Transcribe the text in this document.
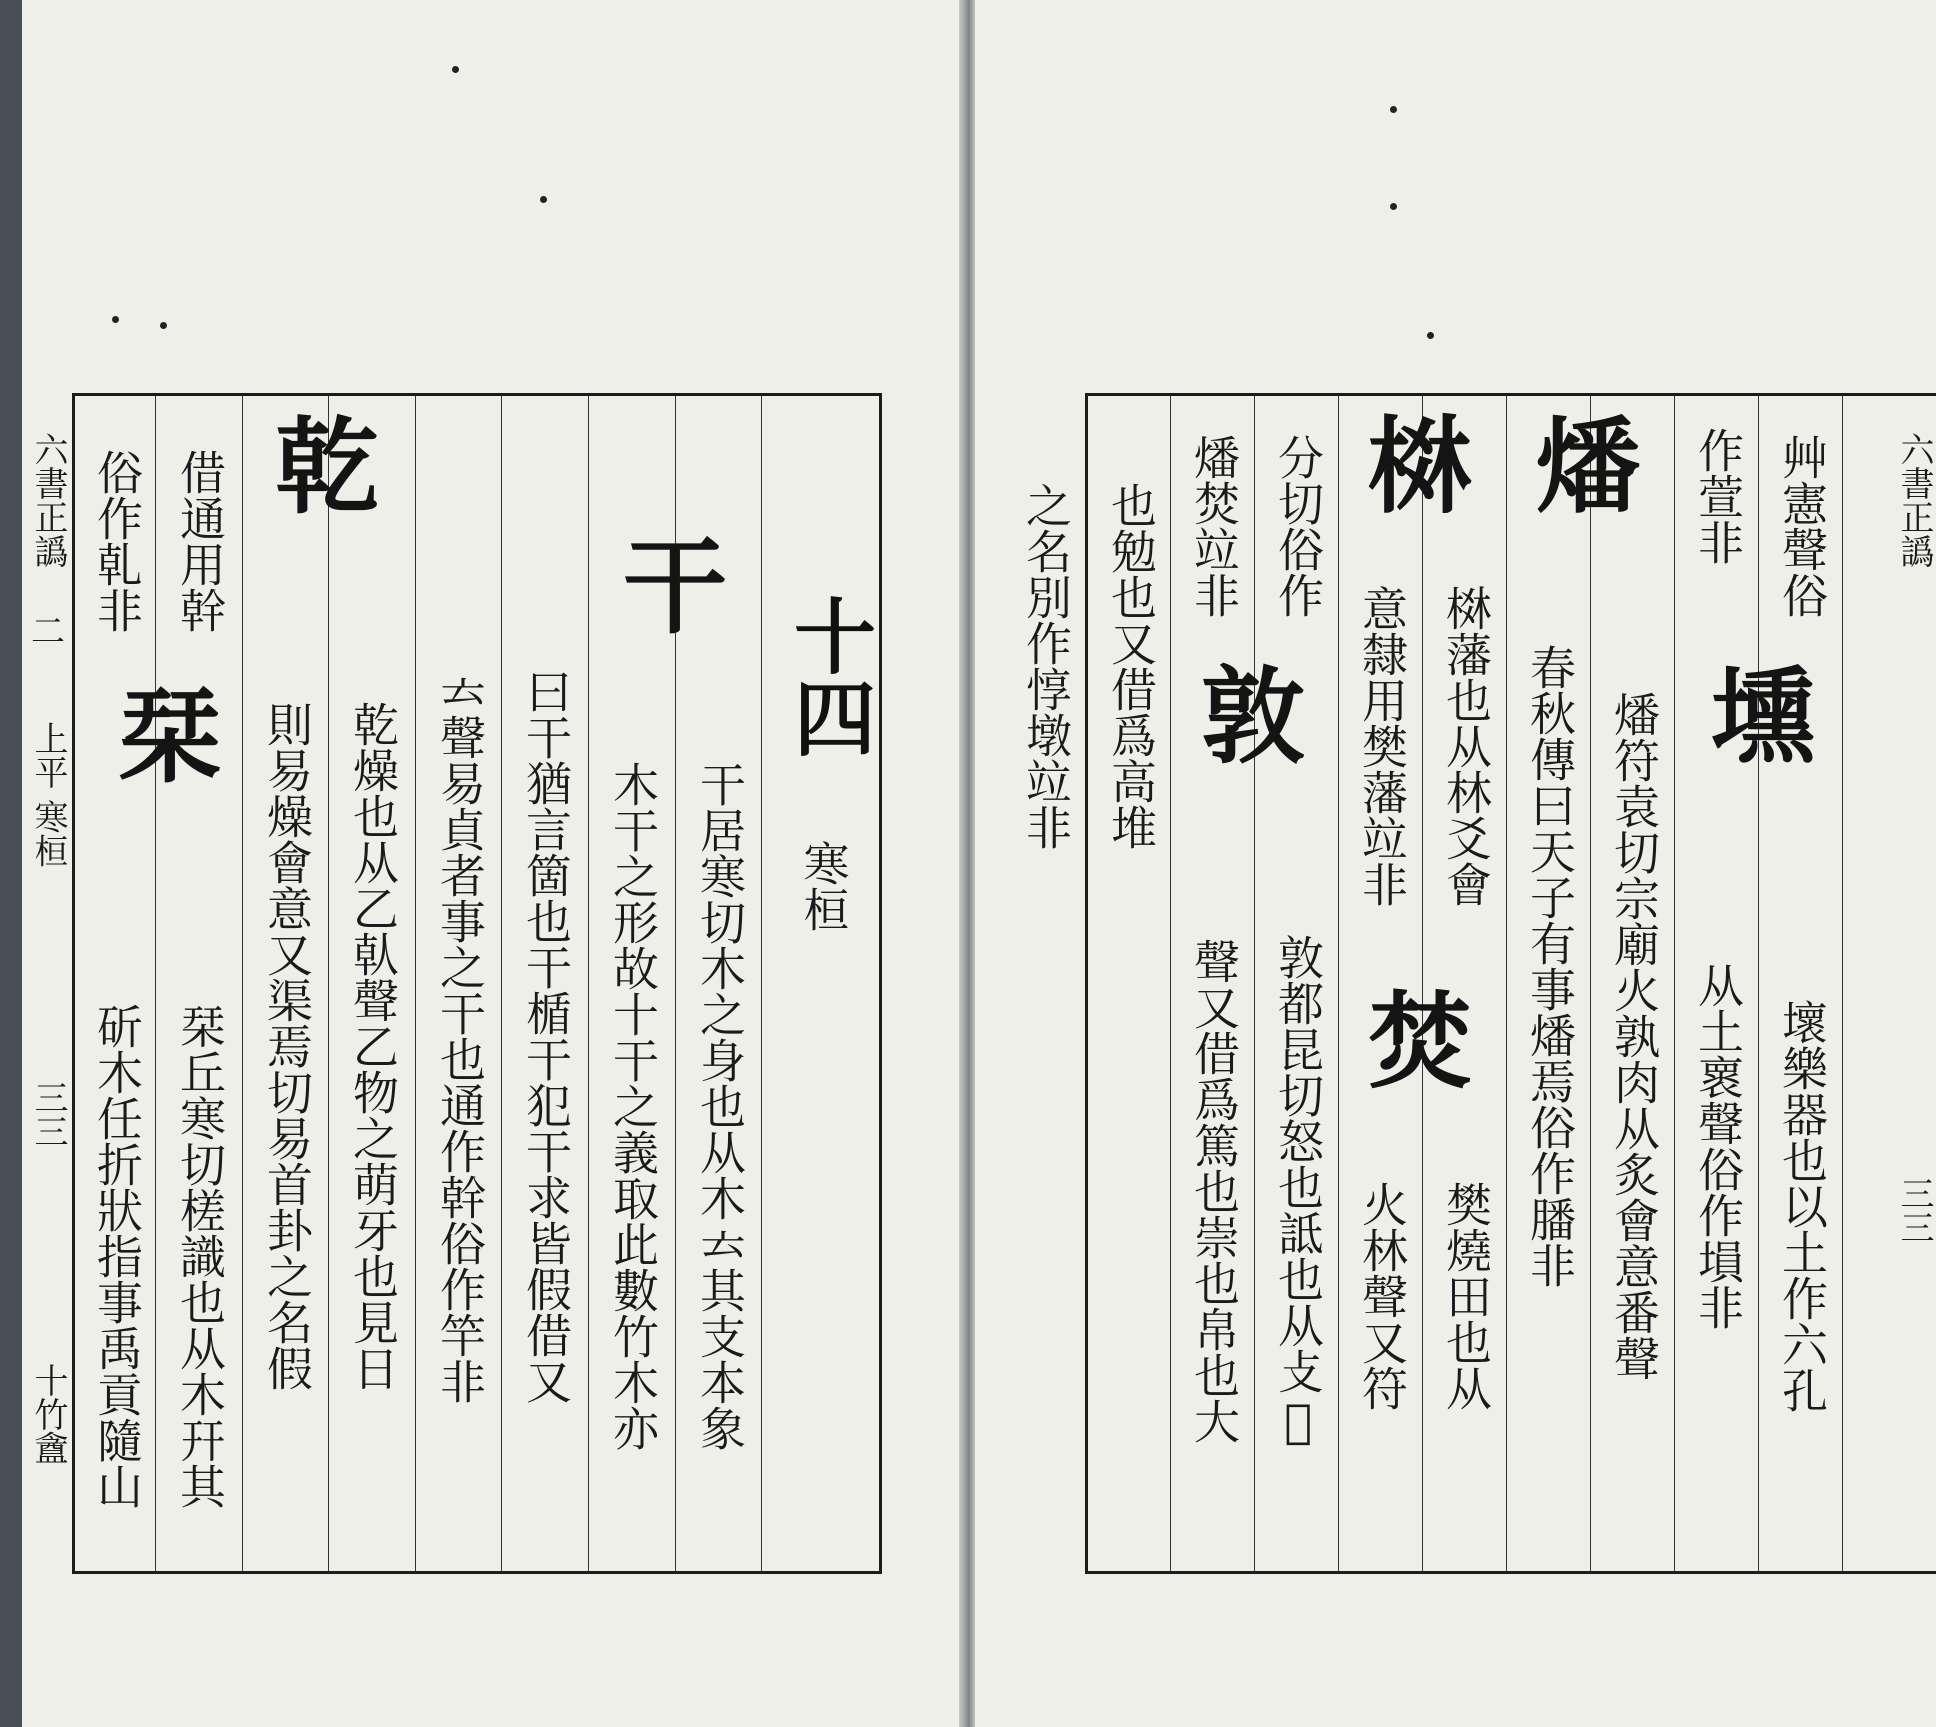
六書正譌
二
上平 寒桓
三三
十竹盦
十四
寒桓
干
干居寒切木之身也从木𠫓其支本象
木干之形故十干之義取此數竹木亦
曰干猶言箇也干楯干犯干求皆假借又
𠫓聲易貞者事之干也通作幹俗作竿非
乾
乾燥也从乙倝聲乙物之萌牙也見日
則易燥會意又渠焉切易首卦之名假
借通用幹
栞丘寒切槎識也从木幵其
俗作乹非
斫木任折狀指事禹貢隨山
栞
艸憲聲俗
壞樂器也以土作六孔
作萱非
从土褱聲俗作塤非
壎
燔
燔符袁切宗廟火孰肉从炙會意番聲
春秋傳曰天子有事燔焉俗作膰非
棥
棥藩也从林爻會
樊燒田也从
意隸用樊藩竝非
火林聲又符
焚
分切俗作
敦都昆切怒也詆也从攴𦎫
燔焚竝非
聲又借爲篤也崇也帛也大
敦
也勉也又借爲高堆
之名別作惇墩竝非	六書正譌
三三
